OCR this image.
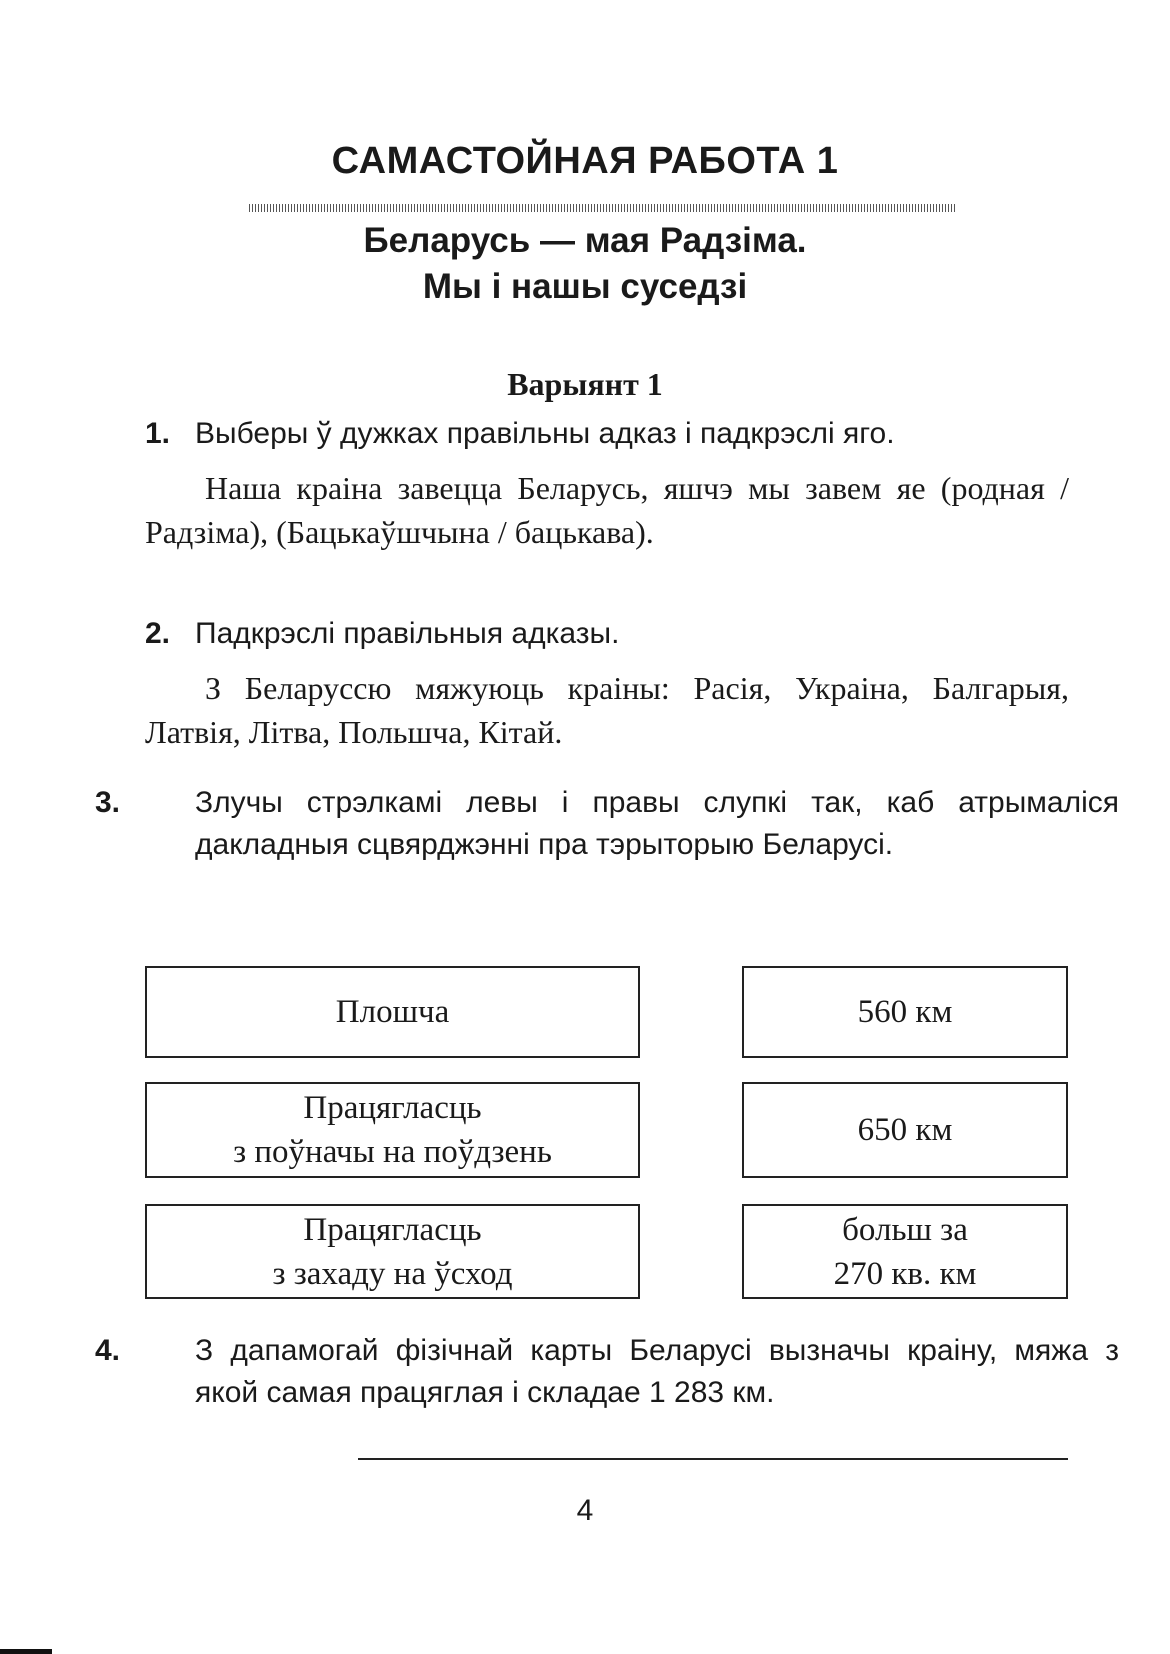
САМАСТОЙНАЯ РАБОТА 1
Беларусь — мая Радзіма.
Мы і нашы суседзі
Варыянт 1
1. Выберы ў дужках правільны адказ і падкрэслі яго.
Наша краіна завецца Беларусь, яшчэ мы завем яе (родная / Радзіма), (Бацькаўшчына / бацькава).
2. Падкрэслі правільныя адказы.
З Беларуссю мяжуюць краіны: Расія, Украіна, Балгарыя, Латвія, Літва, Польшча, Кітай.
3. Злучы стрэлкамі левы і правы слупкі так, каб атрымаліся дакладныя сцвярджэнні пра тэрыторыю Беларусі.
Плошча
Працягласць
з поўначы на поўдзень
Працягласць
з захаду на ўсход
560 км
650 км
больш за
270 кв. км
4. З дапамогай фізічнай карты Беларусі вызначы краіну, мяжа з якой самая працяглая і складае 1 283 км.
4
